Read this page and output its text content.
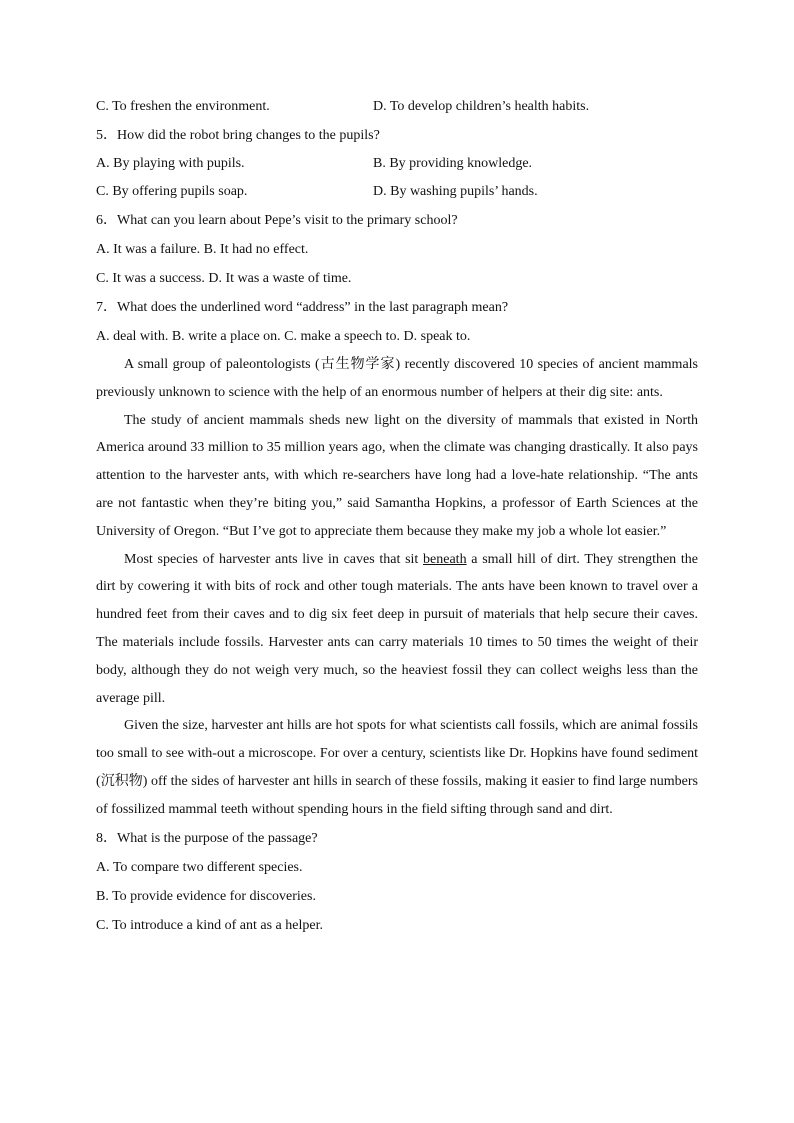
C. To freshen the environment.	D. To develop children’s health habits.
5．How did the robot bring changes to the pupils?
A. By playing with pupils.	B. By providing knowledge.
C. By offering pupils soap.	D. By washing pupils’ hands.
6．What can you learn about Pepe’s visit to the primary school?
A. It was a failure. B. It had no effect.
C. It was a success. D. It was a waste of time.
7．What does the underlined word “address” in the last paragraph mean?
A. deal with. B. write a place on. C. make a speech to. D. speak to.

A small group of paleontologists (古生物学家) recently discovered 10 species of ancient mammals previously unknown to science with the help of an enormous number of helpers at their dig site: ants.

The study of ancient mammals sheds new light on the diversity of mammals that existed in North America around 33 million to 35 million years ago, when the climate was changing drastically. It also pays attention to the harvester ants, with which re-searchers have long had a love-hate relationship. “The ants are not fantastic when they’re biting you,” said Samantha Hopkins, a professor of Earth Sciences at the University of Oregon. “But I’ve got to appreciate them because they make my job a whole lot easier.”

Most species of harvester ants live in caves that sit beneath a small hill of dirt. They strengthen the dirt by cowering it with bits of rock and other tough materials. The ants have been known to travel over a hundred feet from their caves and to dig six feet deep in pursuit of materials that help secure their caves. The materials include fossils. Harvester ants can carry materials 10 times to 50 times the weight of their body, although they do not weigh very much, so the heaviest fossil they can collect weighs less than the average pill.

Given the size, harvester ant hills are hot spots for what scientists call fossils, which are animal fossils too small to see with-out a microscope. For over a century, scientists like Dr. Hopkins have found sediment (沉积物) off the sides of harvester ant hills in search of these fossils, making it easier to find large numbers of fossilized mammal teeth without spending hours in the field sifting through sand and dirt.

8．What is the purpose of the passage?
A. To compare two different species.
B. To provide evidence for discoveries.
C. To introduce a kind of ant as a helper.
